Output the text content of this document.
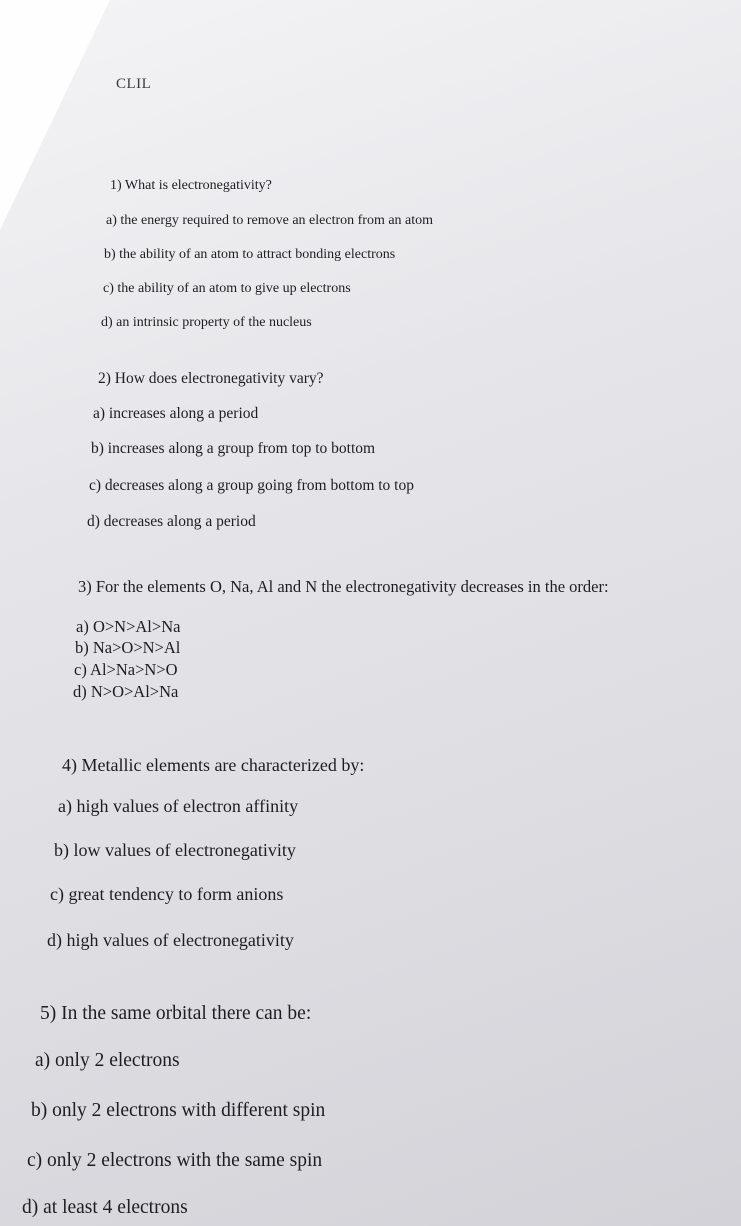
CLIL
1) What is electronegativity?
a) the energy required to remove an electron from an atom
b) the ability of an atom to attract bonding electrons
c) the ability of an atom to give up electrons
d) an intrinsic property of the nucleus
2) How does electronegativity vary?
a) increases along a period
b) increases along a group from top to bottom
c) decreases along a group going from bottom to top
d) decreases along a period
3) For the elements O, Na, Al and N the electronegativity decreases in the order:
a) O>N>Al>Na
b) Na>O>N>Al
c) Al>Na>N>O
d) N>O>Al>Na
4) Metallic elements are characterized by:
a) high values of electron affinity
b) low values of electronegativity
c) great tendency to form anions
d) high values of electronegativity
5) In the same orbital there can be:
a) only 2 electrons
b) only 2 electrons with different spin
c) only 2 electrons with the same spin
d) at least 4 electrons
